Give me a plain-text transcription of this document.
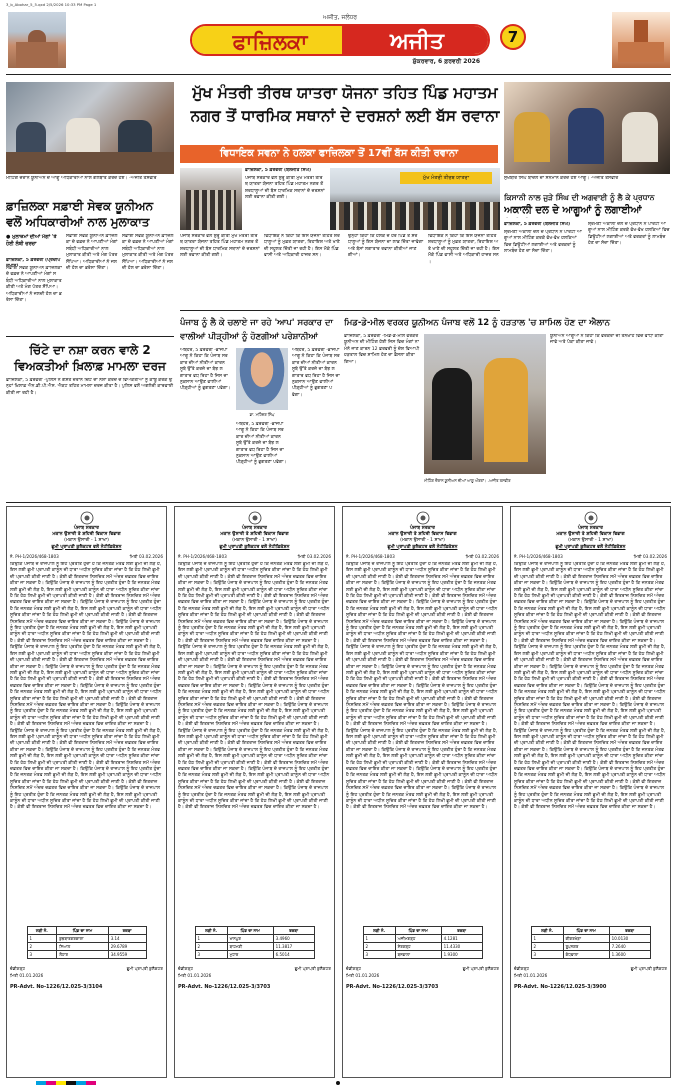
3_b_Abohar_5_5.qxd 2/5/2026 10:33 PM Page 1
ਅਜੀਤ, ਜਲੰਧਰ
ਫਾਜ਼ਿਲਕਾ	ਅਜੀਤ
ਸ਼ੁੱਕਰਵਾਰ, 6 ਫ਼ਰਵਰੀ 2026
7
ਮੀਟਿੰਗ ਦੌਰਾਨ ਯੂਨੀਅਨ ਦੇ ਆਗੂ ਅਧਿਕਾਰੀਆਂ ਨਾਲ ਗੱਲਬਾਤ ਕਰਦੇ ਹੋਏ। -ਅਜੀਤ ਤਸਵੀਰ
ਫ਼ਾਜ਼ਿਲਕਾ ਸਫ਼ਾਈ ਸੇਵਕ ਯੂਨੀਅਨ
ਵਲੋਂ ਅਧਿਕਾਰੀਆਂ ਨਾਲ ਮੁਲਾਕਾਤ
● ਮੁਲਾਜ਼ਮਾਂ ਦੀਆਂ ਮੰਗਾਂ 'ਤੇ ਹੋਈ ਲੰਬੀ ਚਰਚਾ
ਫ਼ਾਜ਼ਿਲਕਾ, 5 ਫ਼ਰਵਰੀ (ਪ੍ਰਦੀਪ
ਸਫ਼ਾਈ ਸੇਵਕ ਯੂਨੀਅਨ ਫ਼ਾਜ਼ਿਲਕਾ ਦੇ ਵਫ਼ਦ ਨੇ ਆਪਣੀਆਂ ਮੰਗਾਂ ਸਬੰਧੀ ਅਧਿਕਾਰੀਆਂ ਨਾਲ ਮੁਲਾਕਾਤ ਕੀਤੀ ਅਤੇ ਮੰਗ ਪੱਤਰ ਸੌਂਪਿਆ। ਅਧਿਕਾਰੀਆਂ ਨੇ ਜਲਦੀ ਹੱਲ ਦਾ ਭਰੋਸਾ ਦਿੱਤਾ।
ਸਫ਼ਾਈ ਸੇਵਕ ਯੂਨੀਅਨ ਫ਼ਾਜ਼ਿਲਕਾ ਦੇ ਵਫ਼ਦ ਨੇ ਆਪਣੀਆਂ ਮੰਗਾਂ ਸਬੰਧੀ ਅਧਿਕਾਰੀਆਂ ਨਾਲ ਮੁਲਾਕਾਤ ਕੀਤੀ ਅਤੇ ਮੰਗ ਪੱਤਰ ਸੌਂਪਿਆ। ਅਧਿਕਾਰੀਆਂ ਨੇ ਜਲਦੀ ਹੱਲ ਦਾ ਭਰੋਸਾ ਦਿੱਤਾ।
ਸਫ਼ਾਈ ਸੇਵਕ ਯੂਨੀਅਨ ਫ਼ਾਜ਼ਿਲਕਾ ਦੇ ਵਫ਼ਦ ਨੇ ਆਪਣੀਆਂ ਮੰਗਾਂ ਸਬੰਧੀ ਅਧਿਕਾਰੀਆਂ ਨਾਲ ਮੁਲਾਕਾਤ ਕੀਤੀ ਅਤੇ ਮੰਗ ਪੱਤਰ ਸੌਂਪਿਆ। ਅਧਿਕਾਰੀਆਂ ਨੇ ਜਲਦੀ ਹੱਲ ਦਾ ਭਰੋਸਾ ਦਿੱਤਾ।
ਚਿੱਟੇ ਦਾ ਨਸ਼ਾ ਕਰਨ ਵਾਲੇ 2
ਵਿਅਕਤੀਆਂ ਖ਼ਿਲਾਫ਼ ਮਾਮਲਾ ਦਰਜ
ਫ਼ਾਜ਼ਿਲਕਾ, 5 ਫ਼ਰਵਰੀ -ਪੁਲਿਸ ਨੇ ਗਸ਼ਤ ਦੌਰਾਨ ਚਿੱਟੇ ਦਾ ਨਸ਼ਾ ਕਰਦੇ ਦੋ ਵਿਅਕਤੀਆਂ ਨੂੰ ਕਾਬੂ ਕਰਕੇ ਉਨ੍ਹਾਂ ਖ਼ਿਲਾਫ਼ ਐਨ.ਡੀ.ਪੀ.ਐਸ. ਐਕਟ ਤਹਿਤ ਮਾਮਲਾ ਦਰਜ ਕੀਤਾ ਹੈ। ਪੁਲਿਸ ਵਲੋਂ ਅਗਲੇਰੀ ਕਾਰਵਾਈ ਕੀਤੀ ਜਾ ਰਹੀ ਹੈ।
ਮੁੱਖ ਮੰਤਰੀ ਤੀਰਥ ਯਾਤਰਾ ਯੋਜਨਾ ਤਹਿਤ ਪਿੰਡ ਮਹਾਤਮ
ਨਗਰ ਤੋਂ ਧਾਰਮਿਕ ਸਥਾਨਾਂ ਦੇ ਦਰਸ਼ਨਾਂ ਲਈ ਬੱਸ ਰਵਾਨਾ
ਵਿਧਾਇਕ ਸਵਨਾ ਨੇ ਹਲਕਾ ਫਾਜ਼ਿਲਕਾ ਤੋਂ 17ਵੀਂ ਬੱਸ ਕੀਤੀ ਰਵਾਨਾ
ਫ਼ਾਜ਼ਿਲਕਾ, 5 ਫ਼ਰਵਰੀ (ਬਲਜੀਤ ਸਿੰਘ)
ਪੰਜਾਬ ਸਰਕਾਰ ਵਲੋਂ ਸ਼ੁਰੂ ਕੀਤੀ ਮੁੱਖ ਮੰਤਰੀ ਤੀਰਥ ਯਾਤਰਾ ਯੋਜਨਾ ਤਹਿਤ ਪਿੰਡ ਮਹਾਤਮ ਨਗਰ ਤੋਂ ਸ਼ਰਧਾਲੂਆਂ ਦੀ ਬੱਸ ਧਾਰਮਿਕ ਸਥਾਨਾਂ ਦੇ ਦਰਸ਼ਨਾਂ ਲਈ ਰਵਾਨਾ ਕੀਤੀ ਗਈ।
ਮੁੱਖ ਮੰਤਰੀ ਤੀਰਥ ਯਾਤਰਾ
ਪੰਜਾਬ ਸਰਕਾਰ ਵਲੋਂ ਸ਼ੁਰੂ ਕੀਤੀ ਮੁੱਖ ਮੰਤਰੀ ਤੀਰਥ ਯਾਤਰਾ ਯੋਜਨਾ ਤਹਿਤ ਪਿੰਡ ਮਹਾਤਮ ਨਗਰ ਤੋਂ ਸ਼ਰਧਾਲੂਆਂ ਦੀ ਬੱਸ ਧਾਰਮਿਕ ਸਥਾਨਾਂ ਦੇ ਦਰਸ਼ਨਾਂ ਲਈ ਰਵਾਨਾ ਕੀਤੀ ਗਈ।
ਵਿਧਾਇਕ ਨੇ ਕਿਹਾ ਕਿ ਇਸ ਯੋਜਨਾ ਤਹਿਤ ਸ਼ਰਧਾਲੂਆਂ ਨੂੰ ਮੁਫ਼ਤ ਯਾਤਰਾ, ਰਿਹਾਇਸ਼ ਅਤੇ ਖਾਣੇ ਦੀ ਸਹੂਲਤ ਦਿੱਤੀ ਜਾ ਰਹੀ ਹੈ। ਇਸ ਮੌਕੇ ਪਿੰਡ ਵਾਸੀ ਅਤੇ ਅਧਿਕਾਰੀ ਹਾਜ਼ਰ ਸਨ।
ਉਨ੍ਹਾਂ ਕਿਹਾ ਕਿ ਹਲਕੇ ਦੇ ਹਰ ਪਿੰਡ ਤੋਂ ਸ਼ਰਧਾਲੂਆਂ ਨੂੰ ਇਸ ਯੋਜਨਾ ਦਾ ਲਾਭ ਦਿੱਤਾ ਜਾਵੇਗਾ ਅਤੇ ਬੱਸਾਂ ਲਗਾਤਾਰ ਰਵਾਨਾ ਕੀਤੀਆਂ ਜਾਣਗੀਆਂ।
ਵਿਧਾਇਕ ਨੇ ਕਿਹਾ ਕਿ ਇਸ ਯੋਜਨਾ ਤਹਿਤ ਸ਼ਰਧਾਲੂਆਂ ਨੂੰ ਮੁਫ਼ਤ ਯਾਤਰਾ, ਰਿਹਾਇਸ਼ ਅਤੇ ਖਾਣੇ ਦੀ ਸਹੂਲਤ ਦਿੱਤੀ ਜਾ ਰਹੀ ਹੈ। ਇਸ ਮੌਕੇ ਪਿੰਡ ਵਾਸੀ ਅਤੇ ਅਧਿਕਾਰੀ ਹਾਜ਼ਰ ਸਨ।
ਪੰਜਾਬ ਨੂੰ ਲੈ ਕੇ ਚਲਾਏ ਜਾ ਰਹੇ 'ਆਪ' ਸਰਕਾਰ ਦਾ
ਵਾਲੀਆਂ ਪੀੜ੍ਹੀਆਂ ਨੂੰ ਹੋਣਗੀਆਂ ਪਰੇਸ਼ਾਨੀਆਂ
ਅਬੋਹਰ, 5 ਫ਼ਰਵਰੀ -ਭਾਜਪਾ ਆਗੂ ਨੇ ਕਿਹਾ ਕਿ ਪੰਜਾਬ ਸਰਕਾਰ ਦੀਆਂ ਨੀਤੀਆਂ ਕਾਰਨ ਸੂਬੇ ਉੱਤੇ ਕਰਜ਼ੇ ਦਾ ਬੋਝ ਲਗਾਤਾਰ ਵਧ ਰਿਹਾ ਹੈ ਜਿਸ ਦਾ ਨੁਕਸਾਨ ਆਉਣ ਵਾਲੀਆਂ ਪੀੜ੍ਹੀਆਂ ਨੂੰ ਭੁਗਤਣਾ ਪਵੇਗਾ।
ਡਾ. ਮਹਿੰਦਰ ਸਿੰਘ
ਅਬੋਹਰ, 5 ਫ਼ਰਵਰੀ -ਭਾਜਪਾ ਆਗੂ ਨੇ ਕਿਹਾ ਕਿ ਪੰਜਾਬ ਸਰਕਾਰ ਦੀਆਂ ਨੀਤੀਆਂ ਕਾਰਨ ਸੂਬੇ ਉੱਤੇ ਕਰਜ਼ੇ ਦਾ ਬੋਝ ਲਗਾਤਾਰ ਵਧ ਰਿਹਾ ਹੈ ਜਿਸ ਦਾ ਨੁਕਸਾਨ ਆਉਣ ਵਾਲੀਆਂ ਪੀੜ੍ਹੀਆਂ ਨੂੰ ਭੁਗਤਣਾ ਪਵੇਗਾ।
ਅਬੋਹਰ, 5 ਫ਼ਰਵਰੀ -ਭਾਜਪਾ ਆਗੂ ਨੇ ਕਿਹਾ ਕਿ ਪੰਜਾਬ ਸਰਕਾਰ ਦੀਆਂ ਨੀਤੀਆਂ ਕਾਰਨ ਸੂਬੇ ਉੱਤੇ ਕਰਜ਼ੇ ਦਾ ਬੋਝ ਲਗਾਤਾਰ ਵਧ ਰਿਹਾ ਹੈ ਜਿਸ ਦਾ ਨੁਕਸਾਨ ਆਉਣ ਵਾਲੀਆਂ ਪੀੜ੍ਹੀਆਂ ਨੂੰ ਭੁਗਤਣਾ ਪਵੇਗਾ।
ਮਿਡ-ਡੇ-ਮੀਲ ਵਰਕਰ ਯੂਨੀਅਨ ਪੰਜਾਬ ਵਲੋਂ 12 ਨੂੰ ਹੜਤਾਲ 'ਚ ਸ਼ਾਮਿਲ ਹੋਣ ਦਾ ਐਲਾਨ
ਫ਼ਾਜ਼ਿਲਕਾ, 5 ਫ਼ਰਵਰੀ -ਮਿਡ-ਡੇ-ਮੀਲ ਵਰਕਰ ਯੂਨੀਅਨ ਦੀ ਮੀਟਿੰਗ ਹੋਈ ਜਿਸ ਵਿਚ ਮੰਗਾਂ ਨਾ ਮੰਨੇ ਜਾਣ ਕਾਰਨ 12 ਫ਼ਰਵਰੀ ਨੂੰ ਦੇਸ਼ ਵਿਆਪੀ ਹੜਤਾਲ ਵਿਚ ਸ਼ਾਮਿਲ ਹੋਣ ਦਾ ਫ਼ੈਸਲਾ ਕੀਤਾ ਗਿਆ।
ਮੀਟਿੰਗ ਦੌਰਾਨ ਯੂਨੀਅਨ ਦੀਆਂ ਆਗੂ ਔਰਤਾਂ। -ਅਜੀਤ ਤਸਵੀਰ
ਯੂਨੀਅਨ ਆਗੂਆਂ ਨੇ ਕਿਹਾ ਕਿ ਵਰਕਰਾਂ ਦੀ ਤਨਖ਼ਾਹ ਵਿਚ ਵਾਧਾ ਕੀਤਾ ਜਾਵੇ ਅਤੇ ਪੱਕਾ ਕੀਤਾ ਜਾਵੇ।
ਸੁਖਬੀਰ ਸਿੰਘ ਬਾਦਲ ਦਾ ਸਨਮਾਨ ਕਰਦੇ ਹੋਏ ਆਗੂ। -ਅਜੀਤ ਤਸਵੀਰ
ਕਿਸਾਨੀ ਨਾਲ ਜੁੜੇ ਸਿੰਘ ਦੀ ਅਗਵਾਈ ਨੂੰ ਲੈ ਕੇ ਪ੍ਰਧਾਨ
ਅਕਾਲੀ ਦਲ ਦੇ ਆਗੂਆਂ ਨੂੰ ਲਗਾਈਆਂ
ਫ਼ਾਜ਼ਿਲਕਾ, 5 ਫ਼ਰਵਰੀ (ਬਲਜੀਤ ਸਿੰਘ)
ਸ਼੍ਰੋਮਣੀ ਅਕਾਲੀ ਦਲ ਦੇ ਪ੍ਰਧਾਨ ਨੇ ਪਾਰਟੀ ਆਗੂਆਂ ਨਾਲ ਮੀਟਿੰਗ ਕਰਕੇ ਵੱਖ-ਵੱਖ ਹਲਕਿਆਂ ਵਿਚ ਡਿਊਟੀਆਂ ਲਗਾਈਆਂ ਅਤੇ ਵਰਕਰਾਂ ਨੂੰ ਲਾਮਬੰਦ ਹੋਣ ਦਾ ਸੱਦਾ ਦਿੱਤਾ।
ਸ਼੍ਰੋਮਣੀ ਅਕਾਲੀ ਦਲ ਦੇ ਪ੍ਰਧਾਨ ਨੇ ਪਾਰਟੀ ਆਗੂਆਂ ਨਾਲ ਮੀਟਿੰਗ ਕਰਕੇ ਵੱਖ-ਵੱਖ ਹਲਕਿਆਂ ਵਿਚ ਡਿਊਟੀਆਂ ਲਗਾਈਆਂ ਅਤੇ ਵਰਕਰਾਂ ਨੂੰ ਲਾਮਬੰਦ ਹੋਣ ਦਾ ਸੱਦਾ ਦਿੱਤਾ।
ਪੰਜਾਬ ਸਰਕਾਰ
ਮਕਾਨ ਉਸਾਰੀ ਤੇ ਸ਼ਹਿਰੀ ਵਿਕਾਸ ਵਿਭਾਗ
(ਮਕਾਨ ਉਸਾਰੀ - 1 ਸ਼ਾਖਾ)
ਭੂਮੀ ਪ੍ਰਾਪਤੀ ਕੁਲੈਕਟਰ ਵਲੋਂ ਨੋਟੀਫ਼ਿਕੇਸ਼ਨ
ਨੰ. PH-1/2026/468-1803	ਮਿਤੀ 03.02.2026
ਕਿਉਂਕਿ ਪੰਜਾਬ ਦੇ ਰਾਜਪਾਲ ਨੂੰ ਇਹ ਪ੍ਰਤੀਤ ਹੁੰਦਾ ਹੈ ਕਿ ਜਨਤਕ ਮੰਤਵ ਲਈ ਭੂਮੀ ਦੀ ਲੋੜ ਹੈ, ਇਸ ਲਈ ਭੂਮੀ ਪ੍ਰਾਪਤੀ ਕਾਨੂੰਨ ਦੀ ਧਾਰਾ ਅਧੀਨ ਸੂਚਿਤ ਕੀਤਾ ਜਾਂਦਾ ਹੈ ਕਿ ਹੇਠ ਲਿਖੀ ਭੂਮੀ ਦੀ ਪ੍ਰਾਪਤੀ ਕੀਤੀ ਜਾਣੀ ਹੈ। ਕੋਈ ਵੀ ਇਤਰਾਜ਼ ਨਿਸ਼ਚਿਤ ਸਮੇਂ ਅੰਦਰ ਦਫ਼ਤਰ ਵਿਚ ਦਾਇਰ ਕੀਤਾ ਜਾ ਸਕਦਾ ਹੈ। ਕਿਉਂਕਿ ਪੰਜਾਬ ਦੇ ਰਾਜਪਾਲ ਨੂੰ ਇਹ ਪ੍ਰਤੀਤ ਹੁੰਦਾ ਹੈ ਕਿ ਜਨਤਕ ਮੰਤਵ ਲਈ ਭੂਮੀ ਦੀ ਲੋੜ ਹੈ, ਇਸ ਲਈ ਭੂਮੀ ਪ੍ਰਾਪਤੀ ਕਾਨੂੰਨ ਦੀ ਧਾਰਾ ਅਧੀਨ ਸੂਚਿਤ ਕੀਤਾ ਜਾਂਦਾ ਹੈ ਕਿ ਹੇਠ ਲਿਖੀ ਭੂਮੀ ਦੀ ਪ੍ਰਾਪਤੀ ਕੀਤੀ ਜਾਣੀ ਹੈ। ਕੋਈ ਵੀ ਇਤਰਾਜ਼ ਨਿਸ਼ਚਿਤ ਸਮੇਂ ਅੰਦਰ ਦਫ਼ਤਰ ਵਿਚ ਦਾਇਰ ਕੀਤਾ ਜਾ ਸਕਦਾ ਹੈ। ਕਿਉਂਕਿ ਪੰਜਾਬ ਦੇ ਰਾਜਪਾਲ ਨੂੰ ਇਹ ਪ੍ਰਤੀਤ ਹੁੰਦਾ ਹੈ ਕਿ ਜਨਤਕ ਮੰਤਵ ਲਈ ਭੂਮੀ ਦੀ ਲੋੜ ਹੈ, ਇਸ ਲਈ ਭੂਮੀ ਪ੍ਰਾਪਤੀ ਕਾਨੂੰਨ ਦੀ ਧਾਰਾ ਅਧੀਨ ਸੂਚਿਤ ਕੀਤਾ ਜਾਂਦਾ ਹੈ ਕਿ ਹੇਠ ਲਿਖੀ ਭੂਮੀ ਦੀ ਪ੍ਰਾਪਤੀ ਕੀਤੀ ਜਾਣੀ ਹੈ। ਕੋਈ ਵੀ ਇਤਰਾਜ਼ ਨਿਸ਼ਚਿਤ ਸਮੇਂ ਅੰਦਰ ਦਫ਼ਤਰ ਵਿਚ ਦਾਇਰ ਕੀਤਾ ਜਾ ਸਕਦਾ ਹੈ। ਕਿਉਂਕਿ ਪੰਜਾਬ ਦੇ ਰਾਜਪਾਲ ਨੂੰ ਇਹ ਪ੍ਰਤੀਤ ਹੁੰਦਾ ਹੈ ਕਿ ਜਨਤਕ ਮੰਤਵ ਲਈ ਭੂਮੀ ਦੀ ਲੋੜ ਹੈ, ਇਸ ਲਈ ਭੂਮੀ ਪ੍ਰਾਪਤੀ ਕਾਨੂੰਨ ਦੀ ਧਾਰਾ ਅਧੀਨ ਸੂਚਿਤ ਕੀਤਾ ਜਾਂਦਾ ਹੈ ਕਿ ਹੇਠ ਲਿਖੀ ਭੂਮੀ ਦੀ ਪ੍ਰਾਪਤੀ ਕੀਤੀ ਜਾਣੀ ਹੈ। ਕੋਈ ਵੀ ਇਤਰਾਜ਼ ਨਿਸ਼ਚਿਤ ਸਮੇਂ ਅੰਦਰ ਦਫ਼ਤਰ ਵਿਚ ਦਾਇਰ ਕੀਤਾ ਜਾ ਸਕਦਾ ਹੈ। ਕਿਉਂਕਿ ਪੰਜਾਬ ਦੇ ਰਾਜਪਾਲ ਨੂੰ ਇਹ ਪ੍ਰਤੀਤ ਹੁੰਦਾ ਹੈ ਕਿ ਜਨਤਕ ਮੰਤਵ ਲਈ ਭੂਮੀ ਦੀ ਲੋੜ ਹੈ, ਇਸ ਲਈ ਭੂਮੀ ਪ੍ਰਾਪਤੀ ਕਾਨੂੰਨ ਦੀ ਧਾਰਾ ਅਧੀਨ ਸੂਚਿਤ ਕੀਤਾ ਜਾਂਦਾ ਹੈ ਕਿ ਹੇਠ ਲਿਖੀ ਭੂਮੀ ਦੀ ਪ੍ਰਾਪਤੀ ਕੀਤੀ ਜਾਣੀ ਹੈ। ਕੋਈ ਵੀ ਇਤਰਾਜ਼ ਨਿਸ਼ਚਿਤ ਸਮੇਂ ਅੰਦਰ ਦਫ਼ਤਰ ਵਿਚ ਦਾਇਰ ਕੀਤਾ ਜਾ ਸਕਦਾ ਹੈ। ਕਿਉਂਕਿ ਪੰਜਾਬ ਦੇ ਰਾਜਪਾਲ ਨੂੰ ਇਹ ਪ੍ਰਤੀਤ ਹੁੰਦਾ ਹੈ ਕਿ ਜਨਤਕ ਮੰਤਵ ਲਈ ਭੂਮੀ ਦੀ ਲੋੜ ਹੈ, ਇਸ ਲਈ ਭੂਮੀ ਪ੍ਰਾਪਤੀ ਕਾਨੂੰਨ ਦੀ ਧਾਰਾ ਅਧੀਨ ਸੂਚਿਤ ਕੀਤਾ ਜਾਂਦਾ ਹੈ ਕਿ ਹੇਠ ਲਿਖੀ ਭੂਮੀ ਦੀ ਪ੍ਰਾਪਤੀ ਕੀਤੀ ਜਾਣੀ ਹੈ। ਕੋਈ ਵੀ ਇਤਰਾਜ਼ ਨਿਸ਼ਚਿਤ ਸਮੇਂ ਅੰਦਰ ਦਫ਼ਤਰ ਵਿਚ ਦਾਇਰ ਕੀਤਾ ਜਾ ਸਕਦਾ ਹੈ। ਕਿਉਂਕਿ ਪੰਜਾਬ ਦੇ ਰਾਜਪਾਲ ਨੂੰ ਇਹ ਪ੍ਰਤੀਤ ਹੁੰਦਾ ਹੈ ਕਿ ਜਨਤਕ ਮੰਤਵ ਲਈ ਭੂਮੀ ਦੀ ਲੋੜ ਹੈ, ਇਸ ਲਈ ਭੂਮੀ ਪ੍ਰਾਪਤੀ ਕਾਨੂੰਨ ਦੀ ਧਾਰਾ ਅਧੀਨ ਸੂਚਿਤ ਕੀਤਾ ਜਾਂਦਾ ਹੈ ਕਿ ਹੇਠ ਲਿਖੀ ਭੂਮੀ ਦੀ ਪ੍ਰਾਪਤੀ ਕੀਤੀ ਜਾਣੀ ਹੈ। ਕੋਈ ਵੀ ਇਤਰਾਜ਼ ਨਿਸ਼ਚਿਤ ਸਮੇਂ ਅੰਦਰ ਦਫ਼ਤਰ ਵਿਚ ਦਾਇਰ ਕੀਤਾ ਜਾ ਸਕਦਾ ਹੈ। ਕਿਉਂਕਿ ਪੰਜਾਬ ਦੇ ਰਾਜਪਾਲ ਨੂੰ ਇਹ ਪ੍ਰਤੀਤ ਹੁੰਦਾ ਹੈ ਕਿ ਜਨਤਕ ਮੰਤਵ ਲਈ ਭੂਮੀ ਦੀ ਲੋੜ ਹੈ, ਇਸ ਲਈ ਭੂਮੀ ਪ੍ਰਾਪਤੀ ਕਾਨੂੰਨ ਦੀ ਧਾਰਾ ਅਧੀਨ ਸੂਚਿਤ ਕੀਤਾ ਜਾਂਦਾ ਹੈ ਕਿ ਹੇਠ ਲਿਖੀ ਭੂਮੀ ਦੀ ਪ੍ਰਾਪਤੀ ਕੀਤੀ ਜਾਣੀ ਹੈ। ਕੋਈ ਵੀ ਇਤਰਾਜ਼ ਨਿਸ਼ਚਿਤ ਸਮੇਂ ਅੰਦਰ ਦਫ਼ਤਰ ਵਿਚ ਦਾਇਰ ਕੀਤਾ ਜਾ ਸਕਦਾ ਹੈ। ਕਿਉਂਕਿ ਪੰਜਾਬ ਦੇ ਰਾਜਪਾਲ ਨੂੰ ਇਹ ਪ੍ਰਤੀਤ ਹੁੰਦਾ ਹੈ ਕਿ ਜਨਤਕ ਮੰਤਵ ਲਈ ਭੂਮੀ ਦੀ ਲੋੜ ਹੈ, ਇਸ ਲਈ ਭੂਮੀ ਪ੍ਰਾਪਤੀ ਕਾਨੂੰਨ ਦੀ ਧਾਰਾ ਅਧੀਨ ਸੂਚਿਤ ਕੀਤਾ ਜਾਂਦਾ ਹੈ ਕਿ ਹੇਠ ਲਿਖੀ ਭੂਮੀ ਦੀ ਪ੍ਰਾਪਤੀ ਕੀਤੀ ਜਾਣੀ ਹੈ। ਕੋਈ ਵੀ ਇਤਰਾਜ਼ ਨਿਸ਼ਚਿਤ ਸਮੇਂ ਅੰਦਰ ਦਫ਼ਤਰ ਵਿਚ ਦਾਇਰ ਕੀਤਾ ਜਾ ਸਕਦਾ ਹੈ। ਕਿਉਂਕਿ ਪੰਜਾਬ ਦੇ ਰਾਜਪਾਲ ਨੂੰ ਇਹ ਪ੍ਰਤੀਤ ਹੁੰਦਾ ਹੈ ਕਿ ਜਨਤਕ ਮੰਤਵ ਲਈ ਭੂਮੀ ਦੀ ਲੋੜ ਹੈ, ਇਸ ਲਈ ਭੂਮੀ ਪ੍ਰਾਪਤੀ ਕਾਨੂੰਨ ਦੀ ਧਾਰਾ ਅਧੀਨ ਸੂਚਿਤ ਕੀਤਾ ਜਾਂਦਾ ਹੈ ਕਿ ਹੇਠ ਲਿਖੀ ਭੂਮੀ ਦੀ ਪ੍ਰਾਪਤੀ ਕੀਤੀ ਜਾਣੀ ਹੈ। ਕੋਈ ਵੀ ਇਤਰਾਜ਼ ਨਿਸ਼ਚਿਤ ਸਮੇਂ ਅੰਦਰ ਦਫ਼ਤਰ ਵਿਚ ਦਾਇਰ ਕੀਤਾ ਜਾ ਸਕਦਾ ਹੈ। ਕਿਉਂਕਿ ਪੰਜਾਬ ਦੇ ਰਾਜਪਾਲ ਨੂੰ ਇਹ ਪ੍ਰਤੀਤ ਹੁੰਦਾ ਹੈ ਕਿ ਜਨਤਕ ਮੰਤਵ ਲਈ ਭੂਮੀ ਦੀ ਲੋੜ ਹੈ, ਇਸ ਲਈ ਭੂਮੀ ਪ੍ਰਾਪਤੀ ਕਾਨੂੰਨ ਦੀ ਧਾਰਾ ਅਧੀਨ ਸੂਚਿਤ ਕੀਤਾ ਜਾਂਦਾ ਹੈ ਕਿ ਹੇਠ ਲਿਖੀ ਭੂਮੀ ਦੀ ਪ੍ਰਾਪਤੀ ਕੀਤੀ ਜਾਣੀ ਹੈ। ਕੋਈ ਵੀ ਇਤਰਾਜ਼ ਨਿਸ਼ਚਿਤ ਸਮੇਂ ਅੰਦਰ ਦਫ਼ਤਰ ਵਿਚ ਦਾਇਰ ਕੀਤਾ ਜਾ ਸਕਦਾ ਹੈ। ਕਿਉਂਕਿ ਪੰਜਾਬ ਦੇ ਰਾਜਪਾਲ ਨੂੰ ਇਹ ਪ੍ਰਤੀਤ ਹੁੰਦਾ ਹੈ ਕਿ ਜਨਤਕ ਮੰਤਵ ਲਈ ਭੂਮੀ ਦੀ ਲੋੜ ਹੈ, ਇਸ ਲਈ ਭੂਮੀ ਪ੍ਰਾਪਤੀ ਕਾਨੂੰਨ ਦੀ ਧਾਰਾ ਅਧੀਨ ਸੂਚਿਤ ਕੀਤਾ ਜਾਂਦਾ ਹੈ ਕਿ ਹੇਠ ਲਿਖੀ ਭੂਮੀ ਦੀ ਪ੍ਰਾਪਤੀ ਕੀਤੀ ਜਾਣੀ ਹੈ। ਕੋਈ ਵੀ ਇਤਰਾਜ਼ ਨਿਸ਼ਚਿਤ ਸਮੇਂ ਅੰਦਰ ਦਫ਼ਤਰ ਵਿਚ ਦਾਇਰ ਕੀਤਾ ਜਾ ਸਕਦਾ ਹੈ।
ਲੜੀ ਨੰ.	ਪਿੰਡ ਦਾ ਨਾਮ	ਰਕਬਾ
1	ਕੁਝਬਾਰਗਰਕਾਲਾ	3.14
2	ਸਿਆਲ	29.6789
3	ਲੌਹਾਰ	34.9559
ਚੰਡੀਗੜ੍ਹ	ਭੂਮੀ ਪ੍ਰਾਪਤੀ ਕੁਲੈਕਟਰ
ਮਿਤੀ 01.01.2026
PR-Advt. No-1226/12.025-3/3104
ਪੰਜਾਬ ਸਰਕਾਰ
ਮਕਾਨ ਉਸਾਰੀ ਤੇ ਸ਼ਹਿਰੀ ਵਿਕਾਸ ਵਿਭਾਗ
(ਮਕਾਨ ਉਸਾਰੀ - 1 ਸ਼ਾਖਾ)
ਭੂਮੀ ਪ੍ਰਾਪਤੀ ਕੁਲੈਕਟਰ ਵਲੋਂ ਨੋਟੀਫ਼ਿਕੇਸ਼ਨ
ਨੰ. PH-1/2026/468-1803	ਮਿਤੀ 03.02.2026
ਕਿਉਂਕਿ ਪੰਜਾਬ ਦੇ ਰਾਜਪਾਲ ਨੂੰ ਇਹ ਪ੍ਰਤੀਤ ਹੁੰਦਾ ਹੈ ਕਿ ਜਨਤਕ ਮੰਤਵ ਲਈ ਭੂਮੀ ਦੀ ਲੋੜ ਹੈ, ਇਸ ਲਈ ਭੂਮੀ ਪ੍ਰਾਪਤੀ ਕਾਨੂੰਨ ਦੀ ਧਾਰਾ ਅਧੀਨ ਸੂਚਿਤ ਕੀਤਾ ਜਾਂਦਾ ਹੈ ਕਿ ਹੇਠ ਲਿਖੀ ਭੂਮੀ ਦੀ ਪ੍ਰਾਪਤੀ ਕੀਤੀ ਜਾਣੀ ਹੈ। ਕੋਈ ਵੀ ਇਤਰਾਜ਼ ਨਿਸ਼ਚਿਤ ਸਮੇਂ ਅੰਦਰ ਦਫ਼ਤਰ ਵਿਚ ਦਾਇਰ ਕੀਤਾ ਜਾ ਸਕਦਾ ਹੈ। ਕਿਉਂਕਿ ਪੰਜਾਬ ਦੇ ਰਾਜਪਾਲ ਨੂੰ ਇਹ ਪ੍ਰਤੀਤ ਹੁੰਦਾ ਹੈ ਕਿ ਜਨਤਕ ਮੰਤਵ ਲਈ ਭੂਮੀ ਦੀ ਲੋੜ ਹੈ, ਇਸ ਲਈ ਭੂਮੀ ਪ੍ਰਾਪਤੀ ਕਾਨੂੰਨ ਦੀ ਧਾਰਾ ਅਧੀਨ ਸੂਚਿਤ ਕੀਤਾ ਜਾਂਦਾ ਹੈ ਕਿ ਹੇਠ ਲਿਖੀ ਭੂਮੀ ਦੀ ਪ੍ਰਾਪਤੀ ਕੀਤੀ ਜਾਣੀ ਹੈ। ਕੋਈ ਵੀ ਇਤਰਾਜ਼ ਨਿਸ਼ਚਿਤ ਸਮੇਂ ਅੰਦਰ ਦਫ਼ਤਰ ਵਿਚ ਦਾਇਰ ਕੀਤਾ ਜਾ ਸਕਦਾ ਹੈ। ਕਿਉਂਕਿ ਪੰਜਾਬ ਦੇ ਰਾਜਪਾਲ ਨੂੰ ਇਹ ਪ੍ਰਤੀਤ ਹੁੰਦਾ ਹੈ ਕਿ ਜਨਤਕ ਮੰਤਵ ਲਈ ਭੂਮੀ ਦੀ ਲੋੜ ਹੈ, ਇਸ ਲਈ ਭੂਮੀ ਪ੍ਰਾਪਤੀ ਕਾਨੂੰਨ ਦੀ ਧਾਰਾ ਅਧੀਨ ਸੂਚਿਤ ਕੀਤਾ ਜਾਂਦਾ ਹੈ ਕਿ ਹੇਠ ਲਿਖੀ ਭੂਮੀ ਦੀ ਪ੍ਰਾਪਤੀ ਕੀਤੀ ਜਾਣੀ ਹੈ। ਕੋਈ ਵੀ ਇਤਰਾਜ਼ ਨਿਸ਼ਚਿਤ ਸਮੇਂ ਅੰਦਰ ਦਫ਼ਤਰ ਵਿਚ ਦਾਇਰ ਕੀਤਾ ਜਾ ਸਕਦਾ ਹੈ। ਕਿਉਂਕਿ ਪੰਜਾਬ ਦੇ ਰਾਜਪਾਲ ਨੂੰ ਇਹ ਪ੍ਰਤੀਤ ਹੁੰਦਾ ਹੈ ਕਿ ਜਨਤਕ ਮੰਤਵ ਲਈ ਭੂਮੀ ਦੀ ਲੋੜ ਹੈ, ਇਸ ਲਈ ਭੂਮੀ ਪ੍ਰਾਪਤੀ ਕਾਨੂੰਨ ਦੀ ਧਾਰਾ ਅਧੀਨ ਸੂਚਿਤ ਕੀਤਾ ਜਾਂਦਾ ਹੈ ਕਿ ਹੇਠ ਲਿਖੀ ਭੂਮੀ ਦੀ ਪ੍ਰਾਪਤੀ ਕੀਤੀ ਜਾਣੀ ਹੈ। ਕੋਈ ਵੀ ਇਤਰਾਜ਼ ਨਿਸ਼ਚਿਤ ਸਮੇਂ ਅੰਦਰ ਦਫ਼ਤਰ ਵਿਚ ਦਾਇਰ ਕੀਤਾ ਜਾ ਸਕਦਾ ਹੈ। ਕਿਉਂਕਿ ਪੰਜਾਬ ਦੇ ਰਾਜਪਾਲ ਨੂੰ ਇਹ ਪ੍ਰਤੀਤ ਹੁੰਦਾ ਹੈ ਕਿ ਜਨਤਕ ਮੰਤਵ ਲਈ ਭੂਮੀ ਦੀ ਲੋੜ ਹੈ, ਇਸ ਲਈ ਭੂਮੀ ਪ੍ਰਾਪਤੀ ਕਾਨੂੰਨ ਦੀ ਧਾਰਾ ਅਧੀਨ ਸੂਚਿਤ ਕੀਤਾ ਜਾਂਦਾ ਹੈ ਕਿ ਹੇਠ ਲਿਖੀ ਭੂਮੀ ਦੀ ਪ੍ਰਾਪਤੀ ਕੀਤੀ ਜਾਣੀ ਹੈ। ਕੋਈ ਵੀ ਇਤਰਾਜ਼ ਨਿਸ਼ਚਿਤ ਸਮੇਂ ਅੰਦਰ ਦਫ਼ਤਰ ਵਿਚ ਦਾਇਰ ਕੀਤਾ ਜਾ ਸਕਦਾ ਹੈ। ਕਿਉਂਕਿ ਪੰਜਾਬ ਦੇ ਰਾਜਪਾਲ ਨੂੰ ਇਹ ਪ੍ਰਤੀਤ ਹੁੰਦਾ ਹੈ ਕਿ ਜਨਤਕ ਮੰਤਵ ਲਈ ਭੂਮੀ ਦੀ ਲੋੜ ਹੈ, ਇਸ ਲਈ ਭੂਮੀ ਪ੍ਰਾਪਤੀ ਕਾਨੂੰਨ ਦੀ ਧਾਰਾ ਅਧੀਨ ਸੂਚਿਤ ਕੀਤਾ ਜਾਂਦਾ ਹੈ ਕਿ ਹੇਠ ਲਿਖੀ ਭੂਮੀ ਦੀ ਪ੍ਰਾਪਤੀ ਕੀਤੀ ਜਾਣੀ ਹੈ। ਕੋਈ ਵੀ ਇਤਰਾਜ਼ ਨਿਸ਼ਚਿਤ ਸਮੇਂ ਅੰਦਰ ਦਫ਼ਤਰ ਵਿਚ ਦਾਇਰ ਕੀਤਾ ਜਾ ਸਕਦਾ ਹੈ। ਕਿਉਂਕਿ ਪੰਜਾਬ ਦੇ ਰਾਜਪਾਲ ਨੂੰ ਇਹ ਪ੍ਰਤੀਤ ਹੁੰਦਾ ਹੈ ਕਿ ਜਨਤਕ ਮੰਤਵ ਲਈ ਭੂਮੀ ਦੀ ਲੋੜ ਹੈ, ਇਸ ਲਈ ਭੂਮੀ ਪ੍ਰਾਪਤੀ ਕਾਨੂੰਨ ਦੀ ਧਾਰਾ ਅਧੀਨ ਸੂਚਿਤ ਕੀਤਾ ਜਾਂਦਾ ਹੈ ਕਿ ਹੇਠ ਲਿਖੀ ਭੂਮੀ ਦੀ ਪ੍ਰਾਪਤੀ ਕੀਤੀ ਜਾਣੀ ਹੈ। ਕੋਈ ਵੀ ਇਤਰਾਜ਼ ਨਿਸ਼ਚਿਤ ਸਮੇਂ ਅੰਦਰ ਦਫ਼ਤਰ ਵਿਚ ਦਾਇਰ ਕੀਤਾ ਜਾ ਸਕਦਾ ਹੈ। ਕਿਉਂਕਿ ਪੰਜਾਬ ਦੇ ਰਾਜਪਾਲ ਨੂੰ ਇਹ ਪ੍ਰਤੀਤ ਹੁੰਦਾ ਹੈ ਕਿ ਜਨਤਕ ਮੰਤਵ ਲਈ ਭੂਮੀ ਦੀ ਲੋੜ ਹੈ, ਇਸ ਲਈ ਭੂਮੀ ਪ੍ਰਾਪਤੀ ਕਾਨੂੰਨ ਦੀ ਧਾਰਾ ਅਧੀਨ ਸੂਚਿਤ ਕੀਤਾ ਜਾਂਦਾ ਹੈ ਕਿ ਹੇਠ ਲਿਖੀ ਭੂਮੀ ਦੀ ਪ੍ਰਾਪਤੀ ਕੀਤੀ ਜਾਣੀ ਹੈ। ਕੋਈ ਵੀ ਇਤਰਾਜ਼ ਨਿਸ਼ਚਿਤ ਸਮੇਂ ਅੰਦਰ ਦਫ਼ਤਰ ਵਿਚ ਦਾਇਰ ਕੀਤਾ ਜਾ ਸਕਦਾ ਹੈ। ਕਿਉਂਕਿ ਪੰਜਾਬ ਦੇ ਰਾਜਪਾਲ ਨੂੰ ਇਹ ਪ੍ਰਤੀਤ ਹੁੰਦਾ ਹੈ ਕਿ ਜਨਤਕ ਮੰਤਵ ਲਈ ਭੂਮੀ ਦੀ ਲੋੜ ਹੈ, ਇਸ ਲਈ ਭੂਮੀ ਪ੍ਰਾਪਤੀ ਕਾਨੂੰਨ ਦੀ ਧਾਰਾ ਅਧੀਨ ਸੂਚਿਤ ਕੀਤਾ ਜਾਂਦਾ ਹੈ ਕਿ ਹੇਠ ਲਿਖੀ ਭੂਮੀ ਦੀ ਪ੍ਰਾਪਤੀ ਕੀਤੀ ਜਾਣੀ ਹੈ। ਕੋਈ ਵੀ ਇਤਰਾਜ਼ ਨਿਸ਼ਚਿਤ ਸਮੇਂ ਅੰਦਰ ਦਫ਼ਤਰ ਵਿਚ ਦਾਇਰ ਕੀਤਾ ਜਾ ਸਕਦਾ ਹੈ। ਕਿਉਂਕਿ ਪੰਜਾਬ ਦੇ ਰਾਜਪਾਲ ਨੂੰ ਇਹ ਪ੍ਰਤੀਤ ਹੁੰਦਾ ਹੈ ਕਿ ਜਨਤਕ ਮੰਤਵ ਲਈ ਭੂਮੀ ਦੀ ਲੋੜ ਹੈ, ਇਸ ਲਈ ਭੂਮੀ ਪ੍ਰਾਪਤੀ ਕਾਨੂੰਨ ਦੀ ਧਾਰਾ ਅਧੀਨ ਸੂਚਿਤ ਕੀਤਾ ਜਾਂਦਾ ਹੈ ਕਿ ਹੇਠ ਲਿਖੀ ਭੂਮੀ ਦੀ ਪ੍ਰਾਪਤੀ ਕੀਤੀ ਜਾਣੀ ਹੈ। ਕੋਈ ਵੀ ਇਤਰਾਜ਼ ਨਿਸ਼ਚਿਤ ਸਮੇਂ ਅੰਦਰ ਦਫ਼ਤਰ ਵਿਚ ਦਾਇਰ ਕੀਤਾ ਜਾ ਸਕਦਾ ਹੈ। ਕਿਉਂਕਿ ਪੰਜਾਬ ਦੇ ਰਾਜਪਾਲ ਨੂੰ ਇਹ ਪ੍ਰਤੀਤ ਹੁੰਦਾ ਹੈ ਕਿ ਜਨਤਕ ਮੰਤਵ ਲਈ ਭੂਮੀ ਦੀ ਲੋੜ ਹੈ, ਇਸ ਲਈ ਭੂਮੀ ਪ੍ਰਾਪਤੀ ਕਾਨੂੰਨ ਦੀ ਧਾਰਾ ਅਧੀਨ ਸੂਚਿਤ ਕੀਤਾ ਜਾਂਦਾ ਹੈ ਕਿ ਹੇਠ ਲਿਖੀ ਭੂਮੀ ਦੀ ਪ੍ਰਾਪਤੀ ਕੀਤੀ ਜਾਣੀ ਹੈ। ਕੋਈ ਵੀ ਇਤਰਾਜ਼ ਨਿਸ਼ਚਿਤ ਸਮੇਂ ਅੰਦਰ ਦਫ਼ਤਰ ਵਿਚ ਦਾਇਰ ਕੀਤਾ ਜਾ ਸਕਦਾ ਹੈ। ਕਿਉਂਕਿ ਪੰਜਾਬ ਦੇ ਰਾਜਪਾਲ ਨੂੰ ਇਹ ਪ੍ਰਤੀਤ ਹੁੰਦਾ ਹੈ ਕਿ ਜਨਤਕ ਮੰਤਵ ਲਈ ਭੂਮੀ ਦੀ ਲੋੜ ਹੈ, ਇਸ ਲਈ ਭੂਮੀ ਪ੍ਰਾਪਤੀ ਕਾਨੂੰਨ ਦੀ ਧਾਰਾ ਅਧੀਨ ਸੂਚਿਤ ਕੀਤਾ ਜਾਂਦਾ ਹੈ ਕਿ ਹੇਠ ਲਿਖੀ ਭੂਮੀ ਦੀ ਪ੍ਰਾਪਤੀ ਕੀਤੀ ਜਾਣੀ ਹੈ। ਕੋਈ ਵੀ ਇਤਰਾਜ਼ ਨਿਸ਼ਚਿਤ ਸਮੇਂ ਅੰਦਰ ਦਫ਼ਤਰ ਵਿਚ ਦਾਇਰ ਕੀਤਾ ਜਾ ਸਕਦਾ ਹੈ।
ਲੜੀ ਨੰ.	ਪਿੰਡ ਦਾ ਨਾਮ	ਰਕਬਾ
1	ਖਾਨਪੁਰ	3.4960
2	ਬਾਹਮਣੀ	11.3817
3	ਮੁਹਾਰ	6.5014
ਚੰਡੀਗੜ੍ਹ	ਭੂਮੀ ਪ੍ਰਾਪਤੀ ਕੁਲੈਕਟਰ
ਮਿਤੀ 01.01.2026
PR-Advt. No-1226/12.025-3/3703
ਪੰਜਾਬ ਸਰਕਾਰ
ਮਕਾਨ ਉਸਾਰੀ ਤੇ ਸ਼ਹਿਰੀ ਵਿਕਾਸ ਵਿਭਾਗ
(ਮਕਾਨ ਉਸਾਰੀ - 1 ਸ਼ਾਖਾ)
ਭੂਮੀ ਪ੍ਰਾਪਤੀ ਕੁਲੈਕਟਰ ਵਲੋਂ ਨੋਟੀਫ਼ਿਕੇਸ਼ਨ
ਨੰ. PH-1/2026/468-1803	ਮਿਤੀ 03.02.2026
ਕਿਉਂਕਿ ਪੰਜਾਬ ਦੇ ਰਾਜਪਾਲ ਨੂੰ ਇਹ ਪ੍ਰਤੀਤ ਹੁੰਦਾ ਹੈ ਕਿ ਜਨਤਕ ਮੰਤਵ ਲਈ ਭੂਮੀ ਦੀ ਲੋੜ ਹੈ, ਇਸ ਲਈ ਭੂਮੀ ਪ੍ਰਾਪਤੀ ਕਾਨੂੰਨ ਦੀ ਧਾਰਾ ਅਧੀਨ ਸੂਚਿਤ ਕੀਤਾ ਜਾਂਦਾ ਹੈ ਕਿ ਹੇਠ ਲਿਖੀ ਭੂਮੀ ਦੀ ਪ੍ਰਾਪਤੀ ਕੀਤੀ ਜਾਣੀ ਹੈ। ਕੋਈ ਵੀ ਇਤਰਾਜ਼ ਨਿਸ਼ਚਿਤ ਸਮੇਂ ਅੰਦਰ ਦਫ਼ਤਰ ਵਿਚ ਦਾਇਰ ਕੀਤਾ ਜਾ ਸਕਦਾ ਹੈ। ਕਿਉਂਕਿ ਪੰਜਾਬ ਦੇ ਰਾਜਪਾਲ ਨੂੰ ਇਹ ਪ੍ਰਤੀਤ ਹੁੰਦਾ ਹੈ ਕਿ ਜਨਤਕ ਮੰਤਵ ਲਈ ਭੂਮੀ ਦੀ ਲੋੜ ਹੈ, ਇਸ ਲਈ ਭੂਮੀ ਪ੍ਰਾਪਤੀ ਕਾਨੂੰਨ ਦੀ ਧਾਰਾ ਅਧੀਨ ਸੂਚਿਤ ਕੀਤਾ ਜਾਂਦਾ ਹੈ ਕਿ ਹੇਠ ਲਿਖੀ ਭੂਮੀ ਦੀ ਪ੍ਰਾਪਤੀ ਕੀਤੀ ਜਾਣੀ ਹੈ। ਕੋਈ ਵੀ ਇਤਰਾਜ਼ ਨਿਸ਼ਚਿਤ ਸਮੇਂ ਅੰਦਰ ਦਫ਼ਤਰ ਵਿਚ ਦਾਇਰ ਕੀਤਾ ਜਾ ਸਕਦਾ ਹੈ। ਕਿਉਂਕਿ ਪੰਜਾਬ ਦੇ ਰਾਜਪਾਲ ਨੂੰ ਇਹ ਪ੍ਰਤੀਤ ਹੁੰਦਾ ਹੈ ਕਿ ਜਨਤਕ ਮੰਤਵ ਲਈ ਭੂਮੀ ਦੀ ਲੋੜ ਹੈ, ਇਸ ਲਈ ਭੂਮੀ ਪ੍ਰਾਪਤੀ ਕਾਨੂੰਨ ਦੀ ਧਾਰਾ ਅਧੀਨ ਸੂਚਿਤ ਕੀਤਾ ਜਾਂਦਾ ਹੈ ਕਿ ਹੇਠ ਲਿਖੀ ਭੂਮੀ ਦੀ ਪ੍ਰਾਪਤੀ ਕੀਤੀ ਜਾਣੀ ਹੈ। ਕੋਈ ਵੀ ਇਤਰਾਜ਼ ਨਿਸ਼ਚਿਤ ਸਮੇਂ ਅੰਦਰ ਦਫ਼ਤਰ ਵਿਚ ਦਾਇਰ ਕੀਤਾ ਜਾ ਸਕਦਾ ਹੈ। ਕਿਉਂਕਿ ਪੰਜਾਬ ਦੇ ਰਾਜਪਾਲ ਨੂੰ ਇਹ ਪ੍ਰਤੀਤ ਹੁੰਦਾ ਹੈ ਕਿ ਜਨਤਕ ਮੰਤਵ ਲਈ ਭੂਮੀ ਦੀ ਲੋੜ ਹੈ, ਇਸ ਲਈ ਭੂਮੀ ਪ੍ਰਾਪਤੀ ਕਾਨੂੰਨ ਦੀ ਧਾਰਾ ਅਧੀਨ ਸੂਚਿਤ ਕੀਤਾ ਜਾਂਦਾ ਹੈ ਕਿ ਹੇਠ ਲਿਖੀ ਭੂਮੀ ਦੀ ਪ੍ਰਾਪਤੀ ਕੀਤੀ ਜਾਣੀ ਹੈ। ਕੋਈ ਵੀ ਇਤਰਾਜ਼ ਨਿਸ਼ਚਿਤ ਸਮੇਂ ਅੰਦਰ ਦਫ਼ਤਰ ਵਿਚ ਦਾਇਰ ਕੀਤਾ ਜਾ ਸਕਦਾ ਹੈ। ਕਿਉਂਕਿ ਪੰਜਾਬ ਦੇ ਰਾਜਪਾਲ ਨੂੰ ਇਹ ਪ੍ਰਤੀਤ ਹੁੰਦਾ ਹੈ ਕਿ ਜਨਤਕ ਮੰਤਵ ਲਈ ਭੂਮੀ ਦੀ ਲੋੜ ਹੈ, ਇਸ ਲਈ ਭੂਮੀ ਪ੍ਰਾਪਤੀ ਕਾਨੂੰਨ ਦੀ ਧਾਰਾ ਅਧੀਨ ਸੂਚਿਤ ਕੀਤਾ ਜਾਂਦਾ ਹੈ ਕਿ ਹੇਠ ਲਿਖੀ ਭੂਮੀ ਦੀ ਪ੍ਰਾਪਤੀ ਕੀਤੀ ਜਾਣੀ ਹੈ। ਕੋਈ ਵੀ ਇਤਰਾਜ਼ ਨਿਸ਼ਚਿਤ ਸਮੇਂ ਅੰਦਰ ਦਫ਼ਤਰ ਵਿਚ ਦਾਇਰ ਕੀਤਾ ਜਾ ਸਕਦਾ ਹੈ। ਕਿਉਂਕਿ ਪੰਜਾਬ ਦੇ ਰਾਜਪਾਲ ਨੂੰ ਇਹ ਪ੍ਰਤੀਤ ਹੁੰਦਾ ਹੈ ਕਿ ਜਨਤਕ ਮੰਤਵ ਲਈ ਭੂਮੀ ਦੀ ਲੋੜ ਹੈ, ਇਸ ਲਈ ਭੂਮੀ ਪ੍ਰਾਪਤੀ ਕਾਨੂੰਨ ਦੀ ਧਾਰਾ ਅਧੀਨ ਸੂਚਿਤ ਕੀਤਾ ਜਾਂਦਾ ਹੈ ਕਿ ਹੇਠ ਲਿਖੀ ਭੂਮੀ ਦੀ ਪ੍ਰਾਪਤੀ ਕੀਤੀ ਜਾਣੀ ਹੈ। ਕੋਈ ਵੀ ਇਤਰਾਜ਼ ਨਿਸ਼ਚਿਤ ਸਮੇਂ ਅੰਦਰ ਦਫ਼ਤਰ ਵਿਚ ਦਾਇਰ ਕੀਤਾ ਜਾ ਸਕਦਾ ਹੈ। ਕਿਉਂਕਿ ਪੰਜਾਬ ਦੇ ਰਾਜਪਾਲ ਨੂੰ ਇਹ ਪ੍ਰਤੀਤ ਹੁੰਦਾ ਹੈ ਕਿ ਜਨਤਕ ਮੰਤਵ ਲਈ ਭੂਮੀ ਦੀ ਲੋੜ ਹੈ, ਇਸ ਲਈ ਭੂਮੀ ਪ੍ਰਾਪਤੀ ਕਾਨੂੰਨ ਦੀ ਧਾਰਾ ਅਧੀਨ ਸੂਚਿਤ ਕੀਤਾ ਜਾਂਦਾ ਹੈ ਕਿ ਹੇਠ ਲਿਖੀ ਭੂਮੀ ਦੀ ਪ੍ਰਾਪਤੀ ਕੀਤੀ ਜਾਣੀ ਹੈ। ਕੋਈ ਵੀ ਇਤਰਾਜ਼ ਨਿਸ਼ਚਿਤ ਸਮੇਂ ਅੰਦਰ ਦਫ਼ਤਰ ਵਿਚ ਦਾਇਰ ਕੀਤਾ ਜਾ ਸਕਦਾ ਹੈ। ਕਿਉਂਕਿ ਪੰਜਾਬ ਦੇ ਰਾਜਪਾਲ ਨੂੰ ਇਹ ਪ੍ਰਤੀਤ ਹੁੰਦਾ ਹੈ ਕਿ ਜਨਤਕ ਮੰਤਵ ਲਈ ਭੂਮੀ ਦੀ ਲੋੜ ਹੈ, ਇਸ ਲਈ ਭੂਮੀ ਪ੍ਰਾਪਤੀ ਕਾਨੂੰਨ ਦੀ ਧਾਰਾ ਅਧੀਨ ਸੂਚਿਤ ਕੀਤਾ ਜਾਂਦਾ ਹੈ ਕਿ ਹੇਠ ਲਿਖੀ ਭੂਮੀ ਦੀ ਪ੍ਰਾਪਤੀ ਕੀਤੀ ਜਾਣੀ ਹੈ। ਕੋਈ ਵੀ ਇਤਰਾਜ਼ ਨਿਸ਼ਚਿਤ ਸਮੇਂ ਅੰਦਰ ਦਫ਼ਤਰ ਵਿਚ ਦਾਇਰ ਕੀਤਾ ਜਾ ਸਕਦਾ ਹੈ। ਕਿਉਂਕਿ ਪੰਜਾਬ ਦੇ ਰਾਜਪਾਲ ਨੂੰ ਇਹ ਪ੍ਰਤੀਤ ਹੁੰਦਾ ਹੈ ਕਿ ਜਨਤਕ ਮੰਤਵ ਲਈ ਭੂਮੀ ਦੀ ਲੋੜ ਹੈ, ਇਸ ਲਈ ਭੂਮੀ ਪ੍ਰਾਪਤੀ ਕਾਨੂੰਨ ਦੀ ਧਾਰਾ ਅਧੀਨ ਸੂਚਿਤ ਕੀਤਾ ਜਾਂਦਾ ਹੈ ਕਿ ਹੇਠ ਲਿਖੀ ਭੂਮੀ ਦੀ ਪ੍ਰਾਪਤੀ ਕੀਤੀ ਜਾਣੀ ਹੈ। ਕੋਈ ਵੀ ਇਤਰਾਜ਼ ਨਿਸ਼ਚਿਤ ਸਮੇਂ ਅੰਦਰ ਦਫ਼ਤਰ ਵਿਚ ਦਾਇਰ ਕੀਤਾ ਜਾ ਸਕਦਾ ਹੈ। ਕਿਉਂਕਿ ਪੰਜਾਬ ਦੇ ਰਾਜਪਾਲ ਨੂੰ ਇਹ ਪ੍ਰਤੀਤ ਹੁੰਦਾ ਹੈ ਕਿ ਜਨਤਕ ਮੰਤਵ ਲਈ ਭੂਮੀ ਦੀ ਲੋੜ ਹੈ, ਇਸ ਲਈ ਭੂਮੀ ਪ੍ਰਾਪਤੀ ਕਾਨੂੰਨ ਦੀ ਧਾਰਾ ਅਧੀਨ ਸੂਚਿਤ ਕੀਤਾ ਜਾਂਦਾ ਹੈ ਕਿ ਹੇਠ ਲਿਖੀ ਭੂਮੀ ਦੀ ਪ੍ਰਾਪਤੀ ਕੀਤੀ ਜਾਣੀ ਹੈ। ਕੋਈ ਵੀ ਇਤਰਾਜ਼ ਨਿਸ਼ਚਿਤ ਸਮੇਂ ਅੰਦਰ ਦਫ਼ਤਰ ਵਿਚ ਦਾਇਰ ਕੀਤਾ ਜਾ ਸਕਦਾ ਹੈ। ਕਿਉਂਕਿ ਪੰਜਾਬ ਦੇ ਰਾਜਪਾਲ ਨੂੰ ਇਹ ਪ੍ਰਤੀਤ ਹੁੰਦਾ ਹੈ ਕਿ ਜਨਤਕ ਮੰਤਵ ਲਈ ਭੂਮੀ ਦੀ ਲੋੜ ਹੈ, ਇਸ ਲਈ ਭੂਮੀ ਪ੍ਰਾਪਤੀ ਕਾਨੂੰਨ ਦੀ ਧਾਰਾ ਅਧੀਨ ਸੂਚਿਤ ਕੀਤਾ ਜਾਂਦਾ ਹੈ ਕਿ ਹੇਠ ਲਿਖੀ ਭੂਮੀ ਦੀ ਪ੍ਰਾਪਤੀ ਕੀਤੀ ਜਾਣੀ ਹੈ। ਕੋਈ ਵੀ ਇਤਰਾਜ਼ ਨਿਸ਼ਚਿਤ ਸਮੇਂ ਅੰਦਰ ਦਫ਼ਤਰ ਵਿਚ ਦਾਇਰ ਕੀਤਾ ਜਾ ਸਕਦਾ ਹੈ। ਕਿਉਂਕਿ ਪੰਜਾਬ ਦੇ ਰਾਜਪਾਲ ਨੂੰ ਇਹ ਪ੍ਰਤੀਤ ਹੁੰਦਾ ਹੈ ਕਿ ਜਨਤਕ ਮੰਤਵ ਲਈ ਭੂਮੀ ਦੀ ਲੋੜ ਹੈ, ਇਸ ਲਈ ਭੂਮੀ ਪ੍ਰਾਪਤੀ ਕਾਨੂੰਨ ਦੀ ਧਾਰਾ ਅਧੀਨ ਸੂਚਿਤ ਕੀਤਾ ਜਾਂਦਾ ਹੈ ਕਿ ਹੇਠ ਲਿਖੀ ਭੂਮੀ ਦੀ ਪ੍ਰਾਪਤੀ ਕੀਤੀ ਜਾਣੀ ਹੈ। ਕੋਈ ਵੀ ਇਤਰਾਜ਼ ਨਿਸ਼ਚਿਤ ਸਮੇਂ ਅੰਦਰ ਦਫ਼ਤਰ ਵਿਚ ਦਾਇਰ ਕੀਤਾ ਜਾ ਸਕਦਾ ਹੈ।
ਲੜੀ ਨੰ.	ਪਿੰਡ ਦਾ ਨਾਮ	ਰਕਬਾ
1	ਅਜ਼ੀਮਗੜ੍ਹ	4.1281
2	ਸ਼ੇਰਗੜ੍ਹ	11.4330
3	ਬਨਵਾਲਾ	1.9300
ਚੰਡੀਗੜ੍ਹ	ਭੂਮੀ ਪ੍ਰਾਪਤੀ ਕੁਲੈਕਟਰ
ਮਿਤੀ 01.01.2026
PR-Advt. No-1226/12.025-3/3703
ਪੰਜਾਬ ਸਰਕਾਰ
ਮਕਾਨ ਉਸਾਰੀ ਤੇ ਸ਼ਹਿਰੀ ਵਿਕਾਸ ਵਿਭਾਗ
(ਮਕਾਨ ਉਸਾਰੀ - 1 ਸ਼ਾਖਾ)
ਭੂਮੀ ਪ੍ਰਾਪਤੀ ਕੁਲੈਕਟਰ ਵਲੋਂ ਨੋਟੀਫ਼ਿਕੇਸ਼ਨ
ਨੰ. PH-1/2026/468-1803	ਮਿਤੀ 03.02.2026
ਕਿਉਂਕਿ ਪੰਜਾਬ ਦੇ ਰਾਜਪਾਲ ਨੂੰ ਇਹ ਪ੍ਰਤੀਤ ਹੁੰਦਾ ਹੈ ਕਿ ਜਨਤਕ ਮੰਤਵ ਲਈ ਭੂਮੀ ਦੀ ਲੋੜ ਹੈ, ਇਸ ਲਈ ਭੂਮੀ ਪ੍ਰਾਪਤੀ ਕਾਨੂੰਨ ਦੀ ਧਾਰਾ ਅਧੀਨ ਸੂਚਿਤ ਕੀਤਾ ਜਾਂਦਾ ਹੈ ਕਿ ਹੇਠ ਲਿਖੀ ਭੂਮੀ ਦੀ ਪ੍ਰਾਪਤੀ ਕੀਤੀ ਜਾਣੀ ਹੈ। ਕੋਈ ਵੀ ਇਤਰਾਜ਼ ਨਿਸ਼ਚਿਤ ਸਮੇਂ ਅੰਦਰ ਦਫ਼ਤਰ ਵਿਚ ਦਾਇਰ ਕੀਤਾ ਜਾ ਸਕਦਾ ਹੈ। ਕਿਉਂਕਿ ਪੰਜਾਬ ਦੇ ਰਾਜਪਾਲ ਨੂੰ ਇਹ ਪ੍ਰਤੀਤ ਹੁੰਦਾ ਹੈ ਕਿ ਜਨਤਕ ਮੰਤਵ ਲਈ ਭੂਮੀ ਦੀ ਲੋੜ ਹੈ, ਇਸ ਲਈ ਭੂਮੀ ਪ੍ਰਾਪਤੀ ਕਾਨੂੰਨ ਦੀ ਧਾਰਾ ਅਧੀਨ ਸੂਚਿਤ ਕੀਤਾ ਜਾਂਦਾ ਹੈ ਕਿ ਹੇਠ ਲਿਖੀ ਭੂਮੀ ਦੀ ਪ੍ਰਾਪਤੀ ਕੀਤੀ ਜਾਣੀ ਹੈ। ਕੋਈ ਵੀ ਇਤਰਾਜ਼ ਨਿਸ਼ਚਿਤ ਸਮੇਂ ਅੰਦਰ ਦਫ਼ਤਰ ਵਿਚ ਦਾਇਰ ਕੀਤਾ ਜਾ ਸਕਦਾ ਹੈ। ਕਿਉਂਕਿ ਪੰਜਾਬ ਦੇ ਰਾਜਪਾਲ ਨੂੰ ਇਹ ਪ੍ਰਤੀਤ ਹੁੰਦਾ ਹੈ ਕਿ ਜਨਤਕ ਮੰਤਵ ਲਈ ਭੂਮੀ ਦੀ ਲੋੜ ਹੈ, ਇਸ ਲਈ ਭੂਮੀ ਪ੍ਰਾਪਤੀ ਕਾਨੂੰਨ ਦੀ ਧਾਰਾ ਅਧੀਨ ਸੂਚਿਤ ਕੀਤਾ ਜਾਂਦਾ ਹੈ ਕਿ ਹੇਠ ਲਿਖੀ ਭੂਮੀ ਦੀ ਪ੍ਰਾਪਤੀ ਕੀਤੀ ਜਾਣੀ ਹੈ। ਕੋਈ ਵੀ ਇਤਰਾਜ਼ ਨਿਸ਼ਚਿਤ ਸਮੇਂ ਅੰਦਰ ਦਫ਼ਤਰ ਵਿਚ ਦਾਇਰ ਕੀਤਾ ਜਾ ਸਕਦਾ ਹੈ। ਕਿਉਂਕਿ ਪੰਜਾਬ ਦੇ ਰਾਜਪਾਲ ਨੂੰ ਇਹ ਪ੍ਰਤੀਤ ਹੁੰਦਾ ਹੈ ਕਿ ਜਨਤਕ ਮੰਤਵ ਲਈ ਭੂਮੀ ਦੀ ਲੋੜ ਹੈ, ਇਸ ਲਈ ਭੂਮੀ ਪ੍ਰਾਪਤੀ ਕਾਨੂੰਨ ਦੀ ਧਾਰਾ ਅਧੀਨ ਸੂਚਿਤ ਕੀਤਾ ਜਾਂਦਾ ਹੈ ਕਿ ਹੇਠ ਲਿਖੀ ਭੂਮੀ ਦੀ ਪ੍ਰਾਪਤੀ ਕੀਤੀ ਜਾਣੀ ਹੈ। ਕੋਈ ਵੀ ਇਤਰਾਜ਼ ਨਿਸ਼ਚਿਤ ਸਮੇਂ ਅੰਦਰ ਦਫ਼ਤਰ ਵਿਚ ਦਾਇਰ ਕੀਤਾ ਜਾ ਸਕਦਾ ਹੈ। ਕਿਉਂਕਿ ਪੰਜਾਬ ਦੇ ਰਾਜਪਾਲ ਨੂੰ ਇਹ ਪ੍ਰਤੀਤ ਹੁੰਦਾ ਹੈ ਕਿ ਜਨਤਕ ਮੰਤਵ ਲਈ ਭੂਮੀ ਦੀ ਲੋੜ ਹੈ, ਇਸ ਲਈ ਭੂਮੀ ਪ੍ਰਾਪਤੀ ਕਾਨੂੰਨ ਦੀ ਧਾਰਾ ਅਧੀਨ ਸੂਚਿਤ ਕੀਤਾ ਜਾਂਦਾ ਹੈ ਕਿ ਹੇਠ ਲਿਖੀ ਭੂਮੀ ਦੀ ਪ੍ਰਾਪਤੀ ਕੀਤੀ ਜਾਣੀ ਹੈ। ਕੋਈ ਵੀ ਇਤਰਾਜ਼ ਨਿਸ਼ਚਿਤ ਸਮੇਂ ਅੰਦਰ ਦਫ਼ਤਰ ਵਿਚ ਦਾਇਰ ਕੀਤਾ ਜਾ ਸਕਦਾ ਹੈ। ਕਿਉਂਕਿ ਪੰਜਾਬ ਦੇ ਰਾਜਪਾਲ ਨੂੰ ਇਹ ਪ੍ਰਤੀਤ ਹੁੰਦਾ ਹੈ ਕਿ ਜਨਤਕ ਮੰਤਵ ਲਈ ਭੂਮੀ ਦੀ ਲੋੜ ਹੈ, ਇਸ ਲਈ ਭੂਮੀ ਪ੍ਰਾਪਤੀ ਕਾਨੂੰਨ ਦੀ ਧਾਰਾ ਅਧੀਨ ਸੂਚਿਤ ਕੀਤਾ ਜਾਂਦਾ ਹੈ ਕਿ ਹੇਠ ਲਿਖੀ ਭੂਮੀ ਦੀ ਪ੍ਰਾਪਤੀ ਕੀਤੀ ਜਾਣੀ ਹੈ। ਕੋਈ ਵੀ ਇਤਰਾਜ਼ ਨਿਸ਼ਚਿਤ ਸਮੇਂ ਅੰਦਰ ਦਫ਼ਤਰ ਵਿਚ ਦਾਇਰ ਕੀਤਾ ਜਾ ਸਕਦਾ ਹੈ। ਕਿਉਂਕਿ ਪੰਜਾਬ ਦੇ ਰਾਜਪਾਲ ਨੂੰ ਇਹ ਪ੍ਰਤੀਤ ਹੁੰਦਾ ਹੈ ਕਿ ਜਨਤਕ ਮੰਤਵ ਲਈ ਭੂਮੀ ਦੀ ਲੋੜ ਹੈ, ਇਸ ਲਈ ਭੂਮੀ ਪ੍ਰਾਪਤੀ ਕਾਨੂੰਨ ਦੀ ਧਾਰਾ ਅਧੀਨ ਸੂਚਿਤ ਕੀਤਾ ਜਾਂਦਾ ਹੈ ਕਿ ਹੇਠ ਲਿਖੀ ਭੂਮੀ ਦੀ ਪ੍ਰਾਪਤੀ ਕੀਤੀ ਜਾਣੀ ਹੈ। ਕੋਈ ਵੀ ਇਤਰਾਜ਼ ਨਿਸ਼ਚਿਤ ਸਮੇਂ ਅੰਦਰ ਦਫ਼ਤਰ ਵਿਚ ਦਾਇਰ ਕੀਤਾ ਜਾ ਸਕਦਾ ਹੈ। ਕਿਉਂਕਿ ਪੰਜਾਬ ਦੇ ਰਾਜਪਾਲ ਨੂੰ ਇਹ ਪ੍ਰਤੀਤ ਹੁੰਦਾ ਹੈ ਕਿ ਜਨਤਕ ਮੰਤਵ ਲਈ ਭੂਮੀ ਦੀ ਲੋੜ ਹੈ, ਇਸ ਲਈ ਭੂਮੀ ਪ੍ਰਾਪਤੀ ਕਾਨੂੰਨ ਦੀ ਧਾਰਾ ਅਧੀਨ ਸੂਚਿਤ ਕੀਤਾ ਜਾਂਦਾ ਹੈ ਕਿ ਹੇਠ ਲਿਖੀ ਭੂਮੀ ਦੀ ਪ੍ਰਾਪਤੀ ਕੀਤੀ ਜਾਣੀ ਹੈ। ਕੋਈ ਵੀ ਇਤਰਾਜ਼ ਨਿਸ਼ਚਿਤ ਸਮੇਂ ਅੰਦਰ ਦਫ਼ਤਰ ਵਿਚ ਦਾਇਰ ਕੀਤਾ ਜਾ ਸਕਦਾ ਹੈ। ਕਿਉਂਕਿ ਪੰਜਾਬ ਦੇ ਰਾਜਪਾਲ ਨੂੰ ਇਹ ਪ੍ਰਤੀਤ ਹੁੰਦਾ ਹੈ ਕਿ ਜਨਤਕ ਮੰਤਵ ਲਈ ਭੂਮੀ ਦੀ ਲੋੜ ਹੈ, ਇਸ ਲਈ ਭੂਮੀ ਪ੍ਰਾਪਤੀ ਕਾਨੂੰਨ ਦੀ ਧਾਰਾ ਅਧੀਨ ਸੂਚਿਤ ਕੀਤਾ ਜਾਂਦਾ ਹੈ ਕਿ ਹੇਠ ਲਿਖੀ ਭੂਮੀ ਦੀ ਪ੍ਰਾਪਤੀ ਕੀਤੀ ਜਾਣੀ ਹੈ। ਕੋਈ ਵੀ ਇਤਰਾਜ਼ ਨਿਸ਼ਚਿਤ ਸਮੇਂ ਅੰਦਰ ਦਫ਼ਤਰ ਵਿਚ ਦਾਇਰ ਕੀਤਾ ਜਾ ਸਕਦਾ ਹੈ। ਕਿਉਂਕਿ ਪੰਜਾਬ ਦੇ ਰਾਜਪਾਲ ਨੂੰ ਇਹ ਪ੍ਰਤੀਤ ਹੁੰਦਾ ਹੈ ਕਿ ਜਨਤਕ ਮੰਤਵ ਲਈ ਭੂਮੀ ਦੀ ਲੋੜ ਹੈ, ਇਸ ਲਈ ਭੂਮੀ ਪ੍ਰਾਪਤੀ ਕਾਨੂੰਨ ਦੀ ਧਾਰਾ ਅਧੀਨ ਸੂਚਿਤ ਕੀਤਾ ਜਾਂਦਾ ਹੈ ਕਿ ਹੇਠ ਲਿਖੀ ਭੂਮੀ ਦੀ ਪ੍ਰਾਪਤੀ ਕੀਤੀ ਜਾਣੀ ਹੈ। ਕੋਈ ਵੀ ਇਤਰਾਜ਼ ਨਿਸ਼ਚਿਤ ਸਮੇਂ ਅੰਦਰ ਦਫ਼ਤਰ ਵਿਚ ਦਾਇਰ ਕੀਤਾ ਜਾ ਸਕਦਾ ਹੈ। ਕਿਉਂਕਿ ਪੰਜਾਬ ਦੇ ਰਾਜਪਾਲ ਨੂੰ ਇਹ ਪ੍ਰਤੀਤ ਹੁੰਦਾ ਹੈ ਕਿ ਜਨਤਕ ਮੰਤਵ ਲਈ ਭੂਮੀ ਦੀ ਲੋੜ ਹੈ, ਇਸ ਲਈ ਭੂਮੀ ਪ੍ਰਾਪਤੀ ਕਾਨੂੰਨ ਦੀ ਧਾਰਾ ਅਧੀਨ ਸੂਚਿਤ ਕੀਤਾ ਜਾਂਦਾ ਹੈ ਕਿ ਹੇਠ ਲਿਖੀ ਭੂਮੀ ਦੀ ਪ੍ਰਾਪਤੀ ਕੀਤੀ ਜਾਣੀ ਹੈ। ਕੋਈ ਵੀ ਇਤਰਾਜ਼ ਨਿਸ਼ਚਿਤ ਸਮੇਂ ਅੰਦਰ ਦਫ਼ਤਰ ਵਿਚ ਦਾਇਰ ਕੀਤਾ ਜਾ ਸਕਦਾ ਹੈ। ਕਿਉਂਕਿ ਪੰਜਾਬ ਦੇ ਰਾਜਪਾਲ ਨੂੰ ਇਹ ਪ੍ਰਤੀਤ ਹੁੰਦਾ ਹੈ ਕਿ ਜਨਤਕ ਮੰਤਵ ਲਈ ਭੂਮੀ ਦੀ ਲੋੜ ਹੈ, ਇਸ ਲਈ ਭੂਮੀ ਪ੍ਰਾਪਤੀ ਕਾਨੂੰਨ ਦੀ ਧਾਰਾ ਅਧੀਨ ਸੂਚਿਤ ਕੀਤਾ ਜਾਂਦਾ ਹੈ ਕਿ ਹੇਠ ਲਿਖੀ ਭੂਮੀ ਦੀ ਪ੍ਰਾਪਤੀ ਕੀਤੀ ਜਾਣੀ ਹੈ। ਕੋਈ ਵੀ ਇਤਰਾਜ਼ ਨਿਸ਼ਚਿਤ ਸਮੇਂ ਅੰਦਰ ਦਫ਼ਤਰ ਵਿਚ ਦਾਇਰ ਕੀਤਾ ਜਾ ਸਕਦਾ ਹੈ।
ਲੜੀ ਨੰ.	ਪਿੰਡ ਦਾ ਨਾਮ	ਰਕਬਾ
1	ਕੀਕਰਖੇੜਾ	10.0130
2	ਰੂਪਨਗਰ	7.2640
3	ਕੰਧਵਾਲਾ	1.3600
ਚੰਡੀਗੜ੍ਹ	ਭੂਮੀ ਪ੍ਰਾਪਤੀ ਕੁਲੈਕਟਰ
ਮਿਤੀ 01.01.2026
PR-Advt. No-1226/12.025-3/3900
